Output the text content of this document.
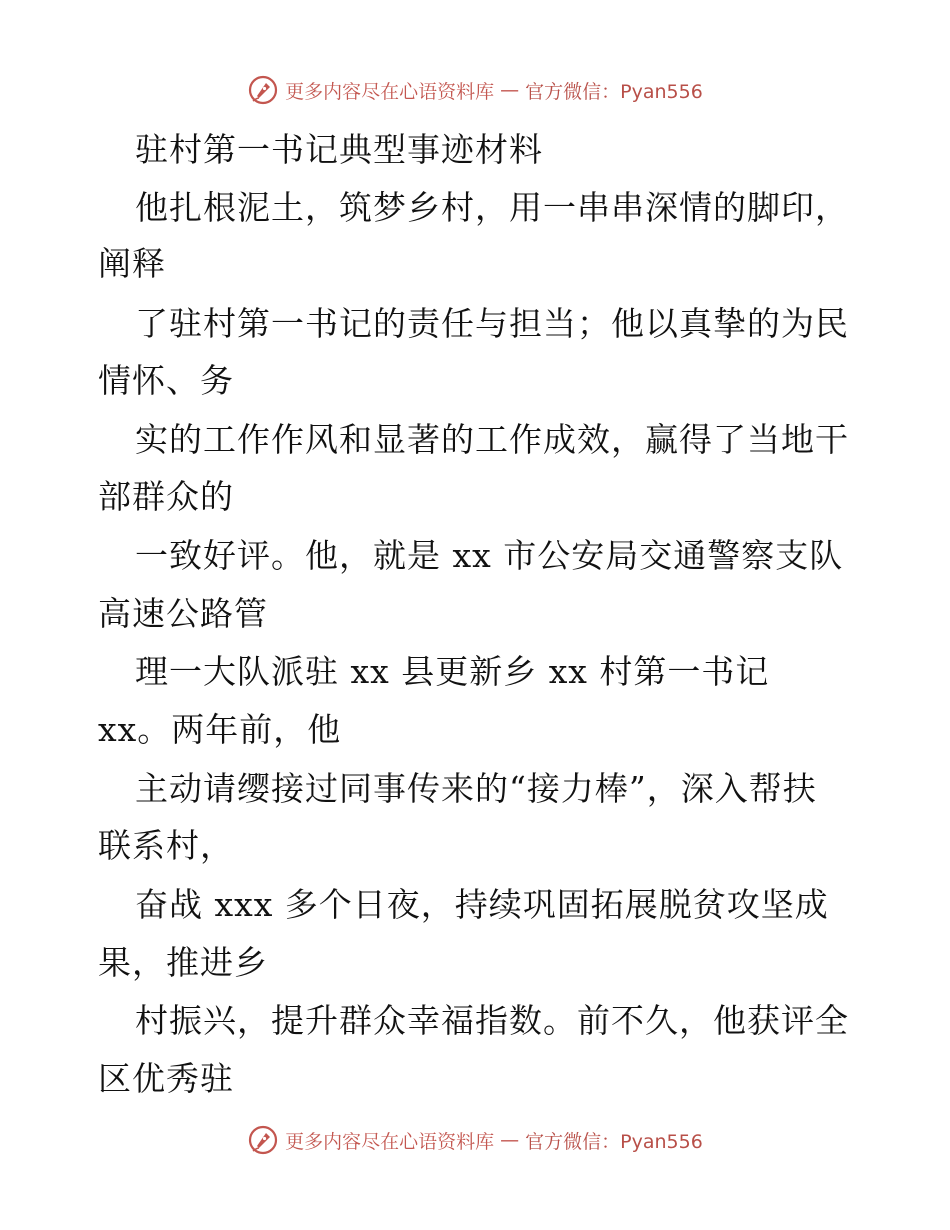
更多内容尽在心语资料库 — 官方微信：Pyan556
驻村第一书记典型事迹材料
他扎根泥土，筑梦乡村，用一串串深情的脚印，
阐释
了驻村第一书记的责任与担当；他以真挚的为民
情怀、务
实的工作作风和显著的工作成效，赢得了当地干
部群众的
一致好评。他，就是 xx 市公安局交通警察支队
高速公路管
理一大队派驻 xx 县更新乡 xx 村第一书记
xx。两年前，他
主动请缨接过同事传来的“接力棒”，深入帮扶
联系村，
奋战 xxx 多个日夜，持续巩固拓展脱贫攻坚成
果，推进乡
村振兴，提升群众幸福指数。前不久，他获评全
区优秀驻
更多内容尽在心语资料库 — 官方微信：Pyan556
